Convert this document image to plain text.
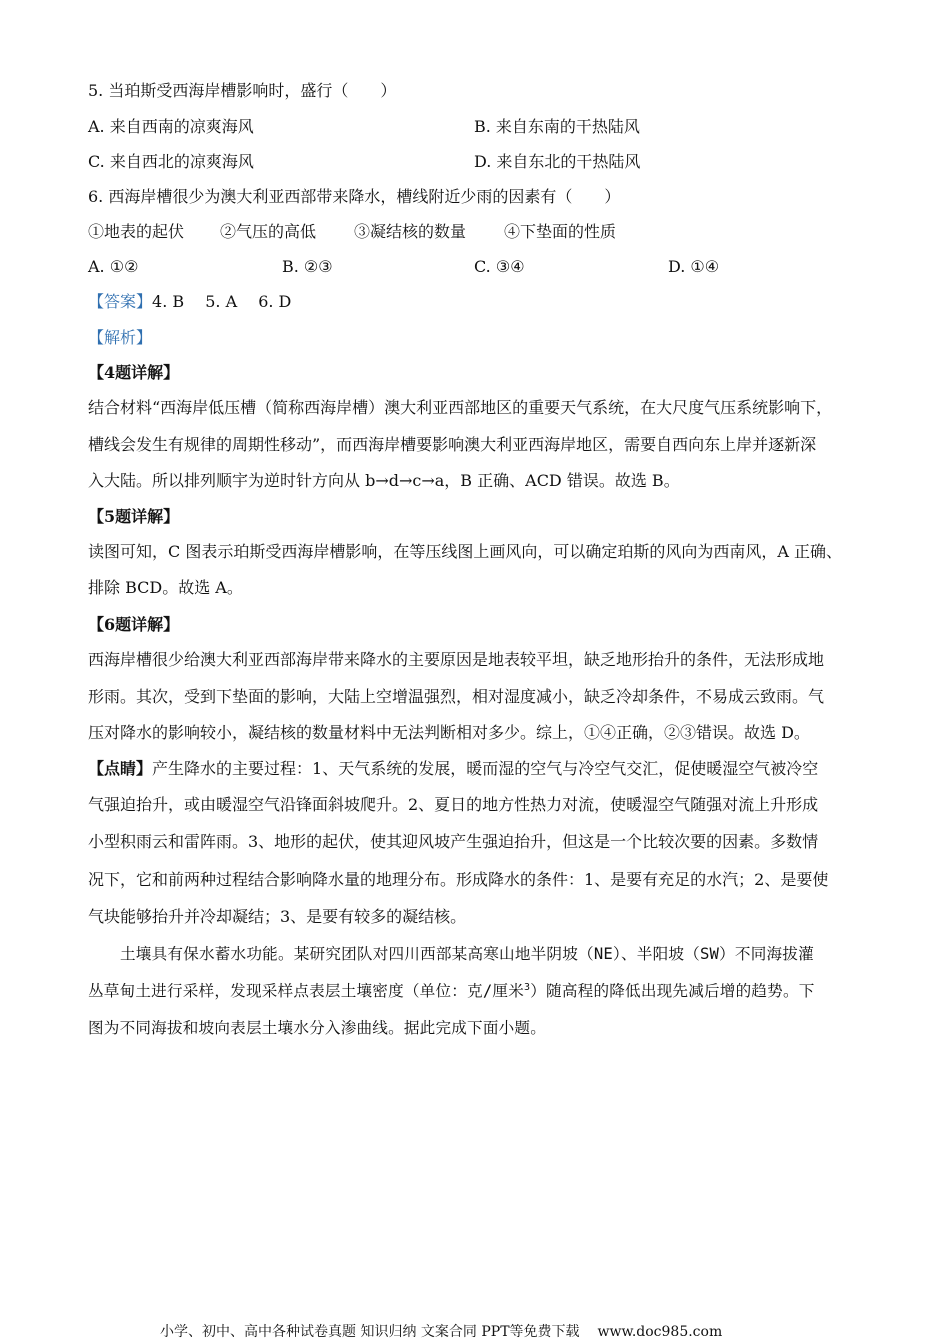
5. 当珀斯受西海岸槽影响时，盛行（　　）
A. 来自西南的凉爽海风	B. 来自东南的干热陆风
C. 来自西北的凉爽海风	D. 来自东北的干热陆风
6. 西海岸槽很少为澳大利亚西部带来降水，槽线附近少雨的因素有（　　）
①地表的起伏 ②气压的高低 ③凝结核的数量 ④下垫面的性质
A. ①②	B. ②③	C. ③④	D. ①④
【答案】4. B　 5. A　 6. D
【解析】
【4题详解】
结合材料“西海岸低压槽（简称西海岸槽）澳大利亚西部地区的重要天气系统，在大尺度气压系统影响下，
槽线会发生有规律的周期性移动”，而西海岸槽要影响澳大利亚西海岸地区，需要自西向东上岸并逐新深
入大陆。所以排列顺宇为逆时针方向从 b→d→c→a，B 正确、ACD 错误。故选 B。
【5题详解】
读图可知，C 图表示珀斯受西海岸槽影响，在等压线图上画风向，可以确定珀斯的风向为西南风，A 正确、
排除 BCD。故选 A。
【6题详解】
西海岸槽很少给澳大利亚西部海岸带来降水的主要原因是地表较平坦，缺乏地形抬升的条件，无法形成地
形雨。其次，受到下垫面的影响，大陆上空增温强烈，相对湿度减小，缺乏冷却条件，不易成云致雨。气
压对降水的影响较小，凝结核的数量材料中无法判断相对多少。综上，①④正确，②③错误。故选 D。
【点睛】产生降水的主要过程：1、天气系统的发展，暖而湿的空气与冷空气交汇，促使暖湿空气被冷空
气强迫抬升，或由暖湿空气沿锋面斜坡爬升。2、夏日的地方性热力对流，使暖湿空气随强对流上升形成
小型积雨云和雷阵雨。3、地形的起伏，使其迎风坡产生强迫抬升，但这是一个比较次要的因素。多数情
况下，它和前两种过程结合影响降水量的地理分布。形成降水的条件：1、是要有充足的水汽；2、是要使
气块能够抬升并冷却凝结；3、是要有较多的凝结核。
土壤具有保水蓄水功能。某研究团队对四川西部某高寒山地半阴坡（NE）、半阳坡（SW）不同海拔灌
丛草甸土进行采样，发现采样点表层土壤密度（单位：克/厘米$^3$）随高程的降低出现先减后增的趋势。下
图为不同海拔和坡向表层土壤水分入渗曲线。据此完成下面小题。
小学、初中、高中各种试卷真题 知识归纳 文案合同 PPT等免费下载 www.doc985.com
